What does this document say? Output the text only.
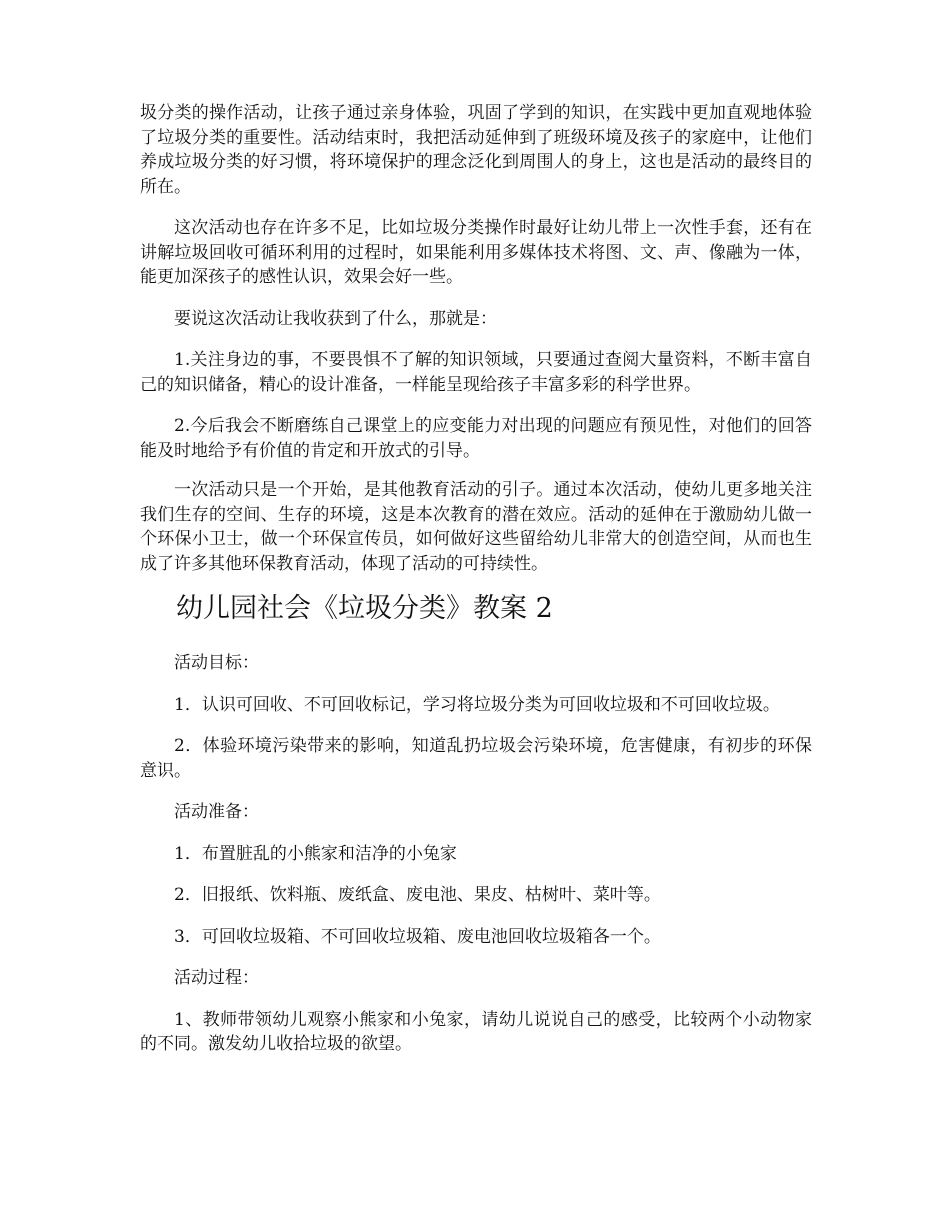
圾分类的操作活动，让孩子通过亲身体验，巩固了学到的知识，在实践中更加直观地体验了垃圾分类的重要性。活动结束时，我把活动延伸到了班级环境及孩子的家庭中，让他们养成垃圾分类的好习惯，将环境保护的理念泛化到周围人的身上，这也是活动的最终目的所在。

这次活动也存在许多不足，比如垃圾分类操作时最好让幼儿带上一次性手套，还有在讲解垃圾回收可循环利用的过程时，如果能利用多媒体技术将图、文、声、像融为一体，能更加深孩子的感性认识，效果会好一些。

要说这次活动让我收获到了什么，那就是：

1.关注身边的事，不要畏惧不了解的知识领域，只要通过查阅大量资料，不断丰富自己的知识储备，精心的设计准备，一样能呈现给孩子丰富多彩的科学世界。

2.今后我会不断磨练自己课堂上的应变能力对出现的问题应有预见性，对他们的回答能及时地给予有价值的肯定和开放式的引导。

一次活动只是一个开始，是其他教育活动的引子。通过本次活动，使幼儿更多地关注我们生存的空间、生存的环境，这是本次教育的潜在效应。活动的延伸在于激励幼儿做一个环保小卫士，做一个环保宣传员，如何做好这些留给幼儿非常大的创造空间，从而也生成了许多其他环保教育活动，体现了活动的可持续性。

幼儿园社会《垃圾分类》教案 2

活动目标：

1．认识可回收、不可回收标记，学习将垃圾分类为可回收垃圾和不可回收垃圾。

2．体验环境污染带来的影响，知道乱扔垃圾会污染环境，危害健康，有初步的环保意识。

活动准备：

1．布置脏乱的小熊家和洁净的小兔家

2．旧报纸、饮料瓶、废纸盒、废电池、果皮、枯树叶、菜叶等。

3．可回收垃圾箱、不可回收垃圾箱、废电池回收垃圾箱各一个。

活动过程：

1、教师带领幼儿观察小熊家和小兔家，请幼儿说说自己的感受，比较两个小动物家的不同。激发幼儿收拾垃圾的欲望。
